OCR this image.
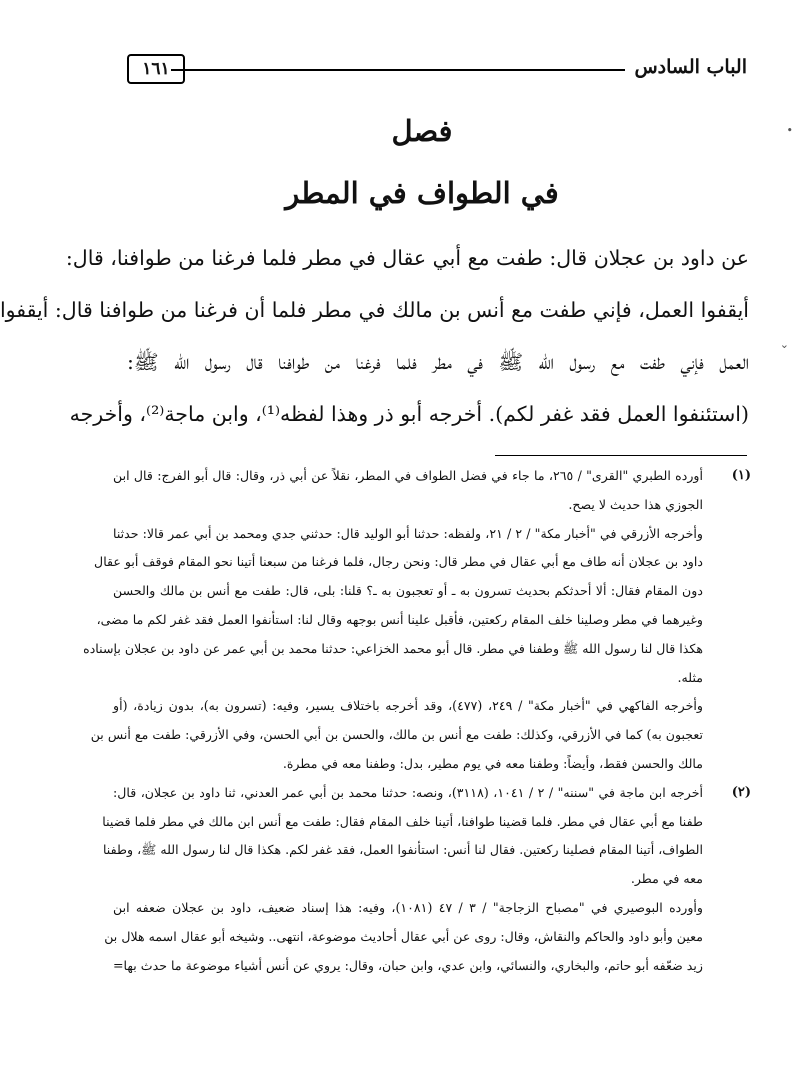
الباب السادس
١٦١
فصل
في الطواف في المطر
عن داود بن عجلان قال: طفت مع أبي عقال في مطر فلما فرغنا من طوافنا، قال:
أيقفوا العمل، فإني طفت مع أنس بن مالك في مطر فلما أن فرغنا من طوافنا قال: أيقفوا
العمل فإني طفت مع رسول الله ﷺ في مطر فلما فرغنا من طوافنا قال رسول الله ﷺ:
(استئنفوا العمل فقد غفر لكم). أخرجه أبو ذر وهذا لفظه⁽¹⁾، وابن ماجة⁽²⁾، وأخرجه
(١)
أورده الطبري "القرى" / ٢٦٥، ما جاء في فضل الطواف في المطر، نقلاً عن أبي ذر، وقال: قال أبو الفرج: قال ابن
الجوزي هذا حديث لا يصح.
وأخرجه الأزرقي في "أخبار مكة" / ٢ / ٢١، ولفظه: حدثنا أبو الوليد قال: حدثني جدي ومحمد بن أبي عمر قالا: حدثنا
داود بن عجلان أنه طاف مع أبي عقال في مطر قال: ونحن رجال، فلما فرغنا من سبعنا أتينا نحو المقام فوقف أبو عقال
دون المقام فقال: ألا أحدثكم بحديث تسرون به ـ أو تعجبون به ـ؟ قلنا: بلى، قال: طفت مع أنس بن مالك والحسن
وغيرهما في مطر وصلينا خلف المقام ركعتين، فأقبل علينا أنس بوجهه وقال لنا: استأنفوا العمل فقد غفر لكم ما مضى،
هكذا قال لنا رسول الله ﷺ وطفنا في مطر. قال أبو محمد الخزاعي: حدثنا محمد بن أبي عمر عن داود بن عجلان بإسناده
مثله.
وأخرجه الفاكهي في "أخبار مكة" / ٢٤٩، (٤٧٧)، وقد أخرجه باختلاف يسير، وفيه: (تسرون به)، بدون زيادة، (أو
تعجبون به) كما في الأزرقي، وكذلك: طفت مع أنس بن مالك، والحسن بن أبي الحسن، وفي الأزرقي: طفت مع أنس بن
مالك والحسن فقط، وأيضاً: وطفنا معه في يوم مطير، بدل: وطفنا معه في مطرة.
(٢)
أخرجه ابن ماجة في "سننه" / ٢ / ١٠٤١، (٣١١٨)، ونصه: حدثنا محمد بن أبي عمر العدني، ثنا داود بن عجلان، قال:
طفنا مع أبي عقال في مطر. فلما قضينا طوافنا، أتينا خلف المقام فقال: طفت مع أنس ابن مالك في مطر فلما قضينا
الطواف، أتينا المقام فصلينا ركعتين. فقال لنا أنس: استأنفوا العمل، فقد غفر لكم. هكذا قال لنا رسول الله ﷺ، وطفنا
معه في مطر.
وأورده البوصيري في "مصباح الزجاجة" / ٣ / ٤٧ (١٠٨١)، وفيه: هذا إسناد ضعيف، داود بن عجلان ضعفه ابن
معين وأبو داود والحاكم والنقاش، وقال: روى عن أبي عقال أحاديث موضوعة، انتهى.. وشيخه أبو عقال اسمه هلال بن
زيد ضعّفه أبو حاتم، والبخاري، والنسائي، وابن عدي، وابن حبان، وقال: يروي عن أنس أشياء موضوعة ما حدث بها=
•
⌄
